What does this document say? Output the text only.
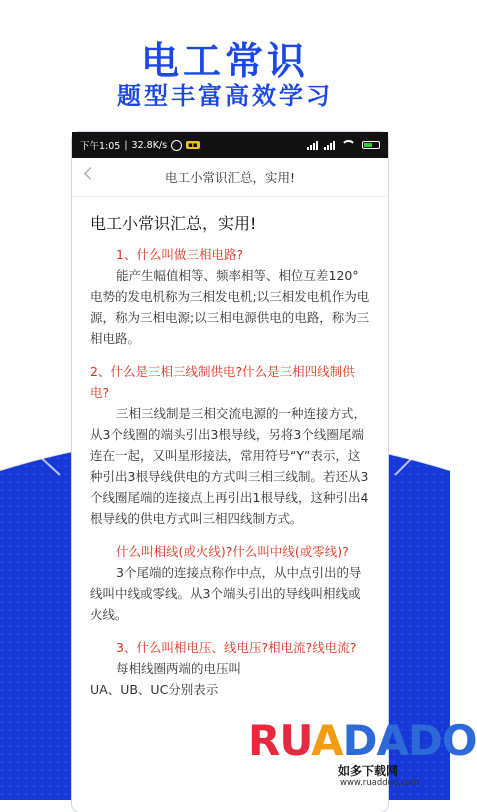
电工常识
题型丰富高效学习
下午1:05 | 32.8K/s	▪▪
电工小常识汇总，实用!
电工小常识汇总，实用!

1、什么叫做三相电路?

能产生幅值相等、频率相等、相位互差120°电势的发电机称为三相发电机;以三相发电机作为电源，称为三相电源;以三相电源供电的电路，称为三相电路。

2、什么是三相三线制供电?什么是三相四线制供电?

三相三线制是三相交流电源的一种连接方式，从3个线圈的端头引出3根导线，另将3个线圈尾端连在一起，又叫星形接法，常用符号“Y”表示，这种引出3根导线供电的方式叫三相三线制。若还从3个线圈尾端的连接点上再引出1根导线，这种引出4根导线的供电方式叫三相四线制方式。

什么叫相线(或火线)?什么叫中线(或零线)?

3个尾端的连接点称作中点，从中点引出的导线叫中线或零线。从3个端头引出的导线叫相线或火线。

3、什么叫相电压、线电压?相电流?线电流?

每相线圈两端的电压叫

UA、UB、UC分别表示

RUADADO
如多下载网
www.ruadduo.com
